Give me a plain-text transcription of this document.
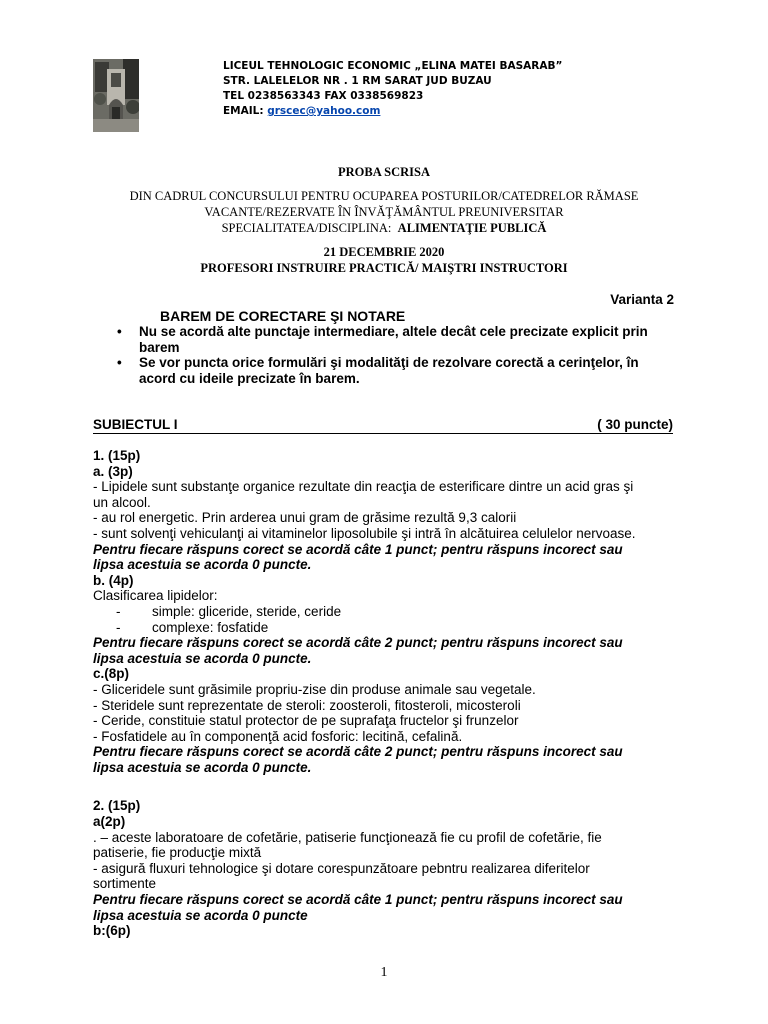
LICEUL TEHNOLOGIC ECONOMIC „ELINA MATEI BASARAB”
STR. LALELELOR NR . 1 RM SARAT JUD BUZAU
TEL 0238563343 FAX 0338569823
EMAIL: grscec@yahoo.com
PROBA SCRISA
DIN CADRUL CONCURSULUI PENTRU OCUPAREA POSTURILOR/CATEDRELOR RĂMASE
VACANTE/REZERVATE ÎN ÎNVĂŢĂMÂNTUL PREUNIVERSITAR
SPECIALITATEA/DISCIPLINA: ALIMENTAŢIE PUBLICĂ
21 DECEMBRIE 2020
PROFESORI INSTRUIRE PRACTICĂ/ MAIŞTRI INSTRUCTORI
Varianta 2
BAREM DE CORECTARE ŞI NOTARE
• Nu se acordă alte punctaje intermediare, altele decât cele precizate explicit prin
barem
• Se vor puncta orice formulări şi modalităţi de rezolvare corectă a cerinţelor, în
acord cu ideile precizate în barem.
SUBIECTUL I	( 30 puncte)
1. (15p)
a. (3p)
- Lipidele sunt substanţe organice rezultate din reacţia de esterificare dintre un acid gras şi
un alcool.
- au rol energetic. Prin arderea unui gram de grăsime rezultă 9,3 calorii
- sunt solvenţi vehiculanţi ai vitaminelor liposolubile şi intră în alcătuirea celulelor nervoase.
Pentru fiecare răspuns corect se acordă câte 1 punct; pentru răspuns incorect sau
lipsa acestuia se acorda 0 puncte.
b. (4p)
Clasificarea lipidelor:
- simple: gliceride, steride, ceride
- complexe: fosfatide
Pentru fiecare răspuns corect se acordă câte 2 punct; pentru răspuns incorect sau
lipsa acestuia se acorda 0 puncte.
c.(8p)
- Gliceridele sunt grăsimile propriu-zise din produse animale sau vegetale.
- Steridele sunt reprezentate de steroli: zoosteroli, fitosteroli, micosteroli
- Ceride, constituie statul protector de pe suprafaţa fructelor şi frunzelor
- Fosfatidele au în componenţă acid fosforic: lecitină, cefalină.
Pentru fiecare răspuns corect se acordă câte 2 punct; pentru răspuns incorect sau
lipsa acestuia se acorda 0 puncte.
2. (15p)
a(2p)
. – aceste laboratoare de cofetărie, patiserie funcţionează fie cu profil de cofetărie, fie
patiserie, fie producţie mixtă
- asigură fluxuri tehnologice şi dotare corespunzătoare pebntru realizarea diferitelor
sortimente
Pentru fiecare răspuns corect se acordă câte 1 punct; pentru răspuns incorect sau
lipsa acestuia se acorda 0 puncte
b:(6p)
1
